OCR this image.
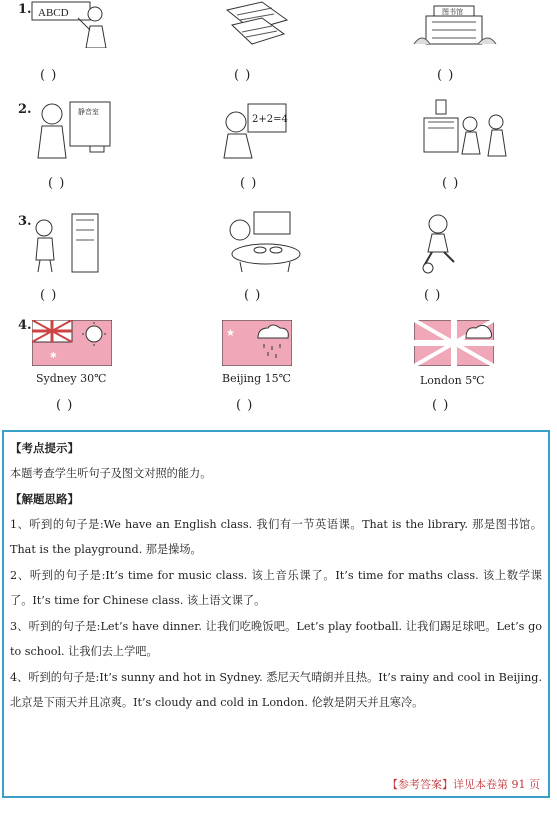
1. ABCD	图书馆
( )	( )	( )
2.	静音室
2+2=4
( )	( )	( )
3.
( )	( )	( )
4.
✱
★
Sydney 30℃	Beijing 15℃	London 5℃
( )	( )	( )
【考点提示】

本题考查学生听句子及图文对照的能力。

【解题思路】

1、听到的句子是:We have an English class. 我们有一节英语课。That is the library. 那是图书馆。That is the playground. 那是操场。

2、听到的句子是:It’s time for music class. 该上音乐课了。It’s time for maths class. 该上数学课了。It’s time for Chinese class. 该上语文课了。

3、听到的句子是:Let’s have dinner. 让我们吃晚饭吧。Let’s play football. 让我们踢足球吧。Let’s go to school. 让我们去上学吧。

4、听到的句子是:It’s sunny and hot in Sydney. 悉尼天气晴朗并且热。It’s rainy and cool in Beijing. 北京是下雨天并且凉爽。It’s cloudy and cold in London. 伦敦是阴天并且寒冷。

【参考答案】详见本卷第 91 页
